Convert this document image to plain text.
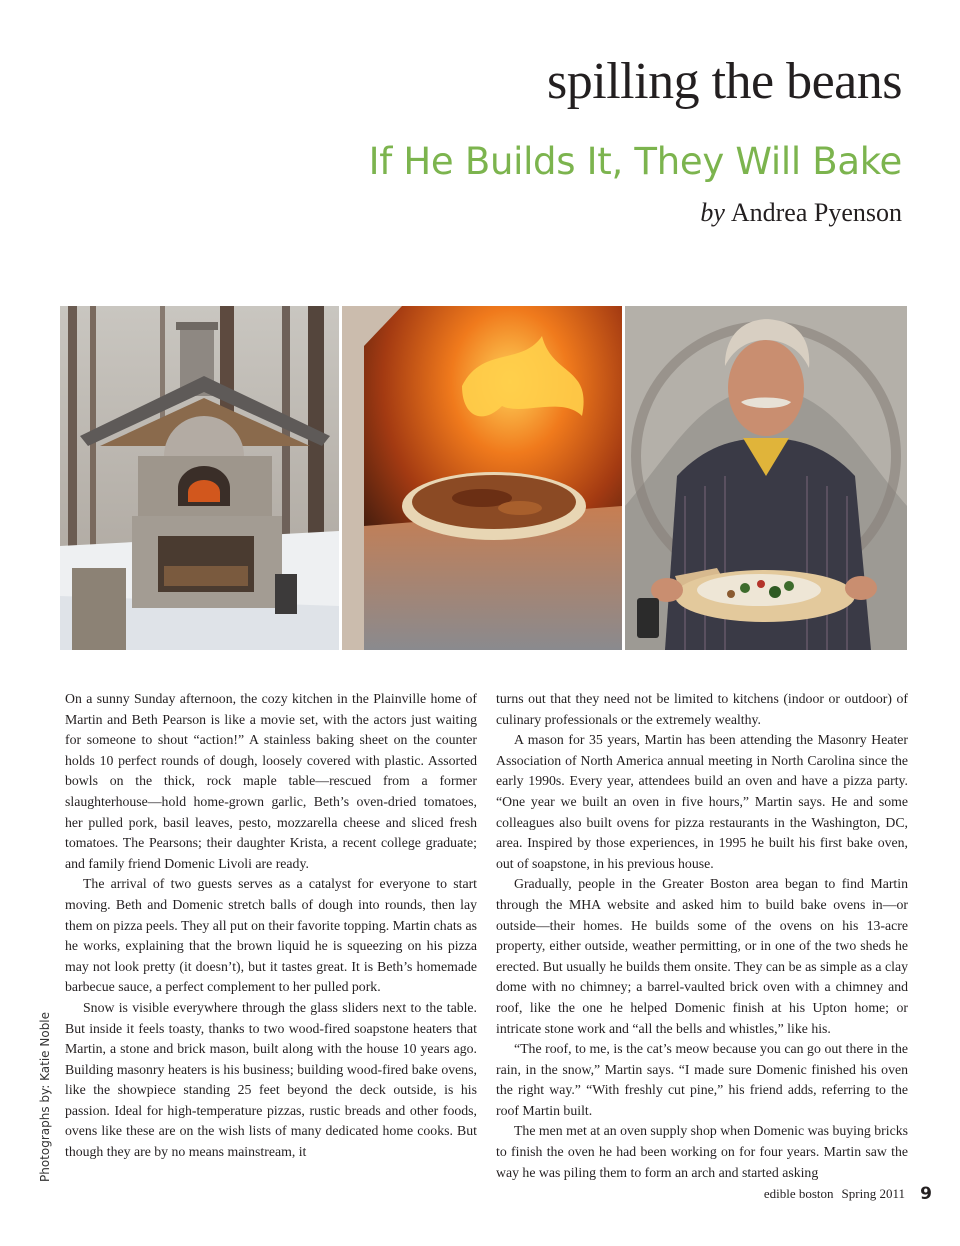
spilling the beans
If He Builds It, They Will Bake
by Andrea Pyenson
Photographs by: Katie Noble

On a sunny Sunday afternoon, the cozy kitchen in the Plainville home of Martin and Beth Pearson is like a movie set, with the actors just waiting for someone to shout “action!” A stainless baking sheet on the counter holds 10 perfect rounds of dough, loosely covered with plastic. Assorted bowls on the thick, rock maple table—rescued from a former slaughterhouse—hold home-grown garlic, Beth’s oven-dried tomatoes, her pulled pork, basil leaves, pesto, mozzarella cheese and sliced fresh tomatoes. The Pearsons; their daughter Krista, a recent college graduate; and family friend Domenic Livoli are ready.

The arrival of two guests serves as a catalyst for everyone to start moving. Beth and Domenic stretch balls of dough into rounds, then lay them on pizza peels. They all put on their favorite topping. Martin chats as he works, explaining that the brown liquid he is squeezing on his pizza may not look pretty (it doesn’t), but it tastes great. It is Beth’s homemade barbecue sauce, a perfect complement to her pulled pork.

Snow is visible everywhere through the glass sliders next to the table. But inside it feels toasty, thanks to two wood-fired soapstone heaters that Martin, a stone and brick mason, built along with the house 10 years ago. Building masonry heaters is his business; building wood-fired bake ovens, like the showpiece standing 25 feet beyond the deck outside, is his passion. Ideal for high-temperature pizzas, rustic breads and other foods, ovens like these are on the wish lists of many dedicated home cooks. But though they are by no means mainstream, it

turns out that they need not be limited to kitchens (indoor or outdoor) of culinary professionals or the extremely wealthy.

A mason for 35 years, Martin has been attending the Masonry Heater Association of North America annual meeting in North Carolina since the early 1990s. Every year, attendees build an oven and have a pizza party. “One year we built an oven in five hours,” Martin says. He and some colleagues also built ovens for pizza restaurants in the Washington, DC, area. Inspired by those experiences, in 1995 he built his first bake oven, out of soapstone, in his previous house.

Gradually, people in the Greater Boston area began to find Martin through the MHA website and asked him to build bake ovens in—or outside—their homes. He builds some of the ovens on his 13-acre property, either outside, weather permitting, or in one of the two sheds he erected. But usually he builds them onsite. They can be as simple as a clay dome with no chimney; a barrel-vaulted brick oven with a chimney and roof, like the one he helped Domenic finish at his Upton home; or intricate stone work and “all the bells and whistles,” like his.

“The roof, to me, is the cat’s meow because you can go out there in the rain, in the snow,” Martin says. “I made sure Domenic finished his oven the right way.” “With freshly cut pine,” his friend adds, referring to the roof Martin built.

The men met at an oven supply shop when Domenic was buying bricks to finish the oven he had been working on for four years. Martin saw the way he was piling them to form an arch and started asking

edible boston Spring 2011 9
